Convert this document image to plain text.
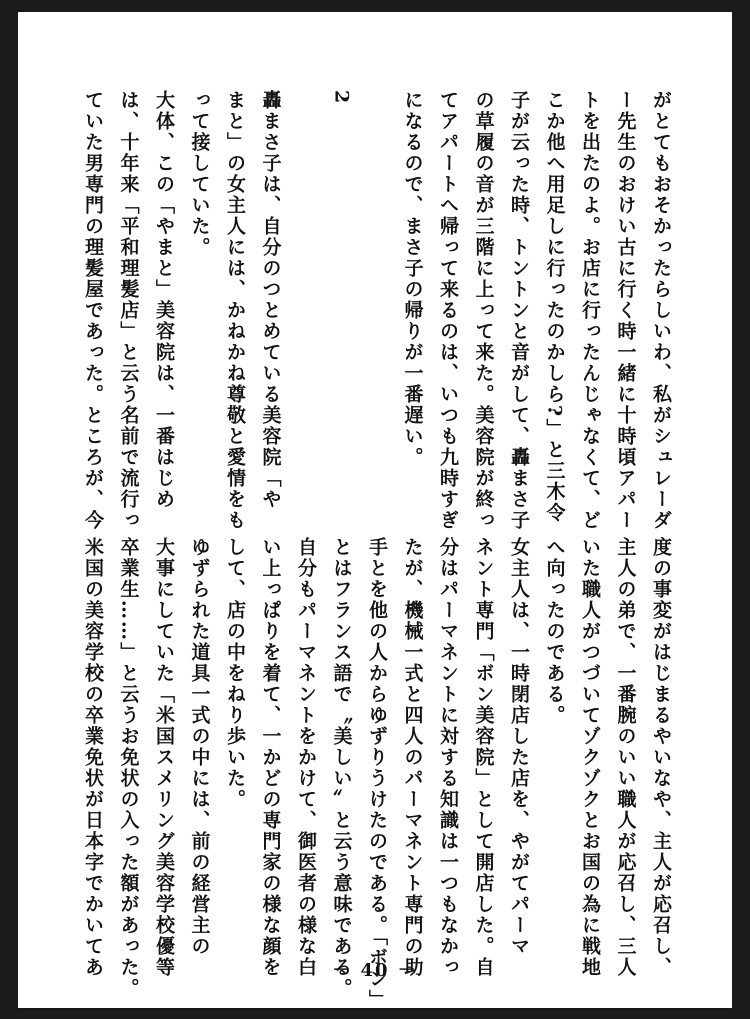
がとてもおそかったらしいわ、私がシュレーダ

ー先生のおけい古に行く時一緒に十時頃アパー

トを出たのよ。お店に行ったんじゃなくて、ど

こか他へ用足しに行ったのかしら?」と三木令

子が云った時、トントンと音がして、轟まさ子

の草履の音が三階に上って来た。美容院が終っ

てアパートへ帰って来るのは、いつも九時すぎ

になるので、まさ子の帰りが一番遅い。

2

轟まさ子は、自分のつとめている美容院「や

まと」の女主人には、かねかね尊敬と愛情をも

って接していた。

大体、この「やまと」美容院は、一番はじめ

は、十年来「平和理髪店」と云う名前で流行っ

ていた男専門の理髪屋であった。ところが、今

度の事変がはじまるやいなや、主人が応召し、

主人の弟で、一番腕のいい職人が応召し、三人

いた職人がつづいてゾクゾクとお国の為に戦地

へ向ったのである。

女主人は、一時閉店した店を、やがてパーマ

ネント専門「ボン美容院」として開店した。自

分はパーマネントに対する知識は一つもなかっ

たが、機械一式と四人のパーマネント専門の助

手とを他の人からゆずりうけたのである。「ボン」

とはフランス語で〝美しい〟と云う意味である。

自分もパーマネントをかけて、御医者の様な白

い上っぱりを着て、一かどの専門家の様な顔を

して、店の中をねり歩いた。

ゆずられた道具一式の中には、前の経営主の

大事にしていた「米国スメリング美容学校優等

卒業生……」と云うお免状の入った額があった。

米国の美容学校の卒業免状が日本字でかいてあ	－ 40 －
